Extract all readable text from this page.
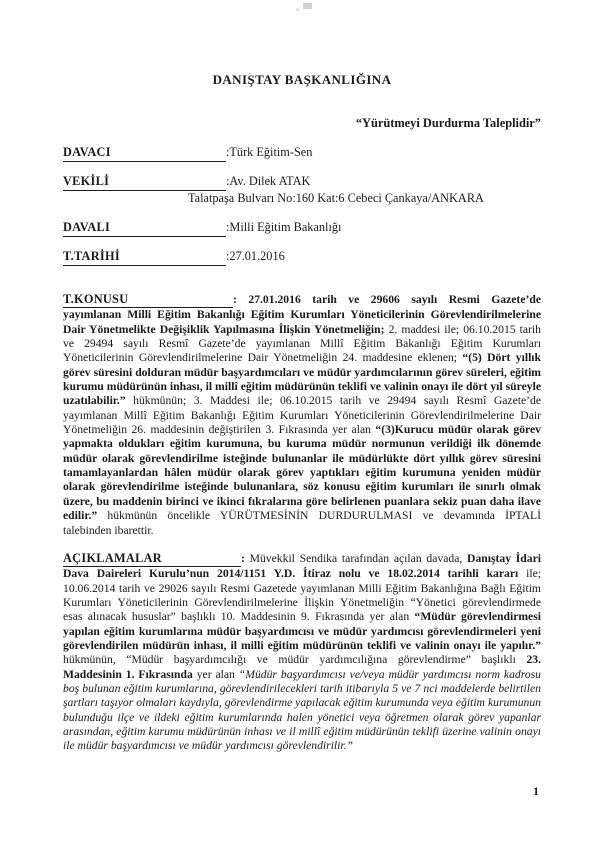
DANIŞTAY BAŞKANLIĞINA
“Yürütmeyi Durdurma Taleplidir”
DAVACI	:Türk Eğitim-Sen
VEKİLİ	:Av. Dilek ATAK
Talatpaşa Bulvarı No:160 Kat:6 Cebeci Çankaya/ANKARA
DAVALI	:Milli Eğitim Bakanlığı
T.TARİHİ	:27.01.2016

T.KONUSU	: 27.01.2016 tarih ve 29606 sayılı Resmi Gazete’de yayımlanan Milli Eğitim Bakanlığı Eğitim Kurumları Yöneticilerinin Görevlendirilmelerine Dair Yönetmelikte Değişiklik Yapılmasına İlişkin Yönetmeliğin; 2. maddesi ile; 06.10.2015 tarih ve 29494 sayılı Resmî Gazete’de yayımlanan Millî Eğitim Bakanlığı Eğitim Kurumları Yöneticilerinin Görevlendirilmelerine Dair Yönetmeliğin 24. maddesine eklenen; “(5) Dört yıllık görev süresini dolduran müdür başyardımcıları ve müdür yardımcılarının görev süreleri, eğitim kurumu müdürünün inhası, il millî eğitim müdürünün teklifi ve valinin onayı ile dört yıl süreyle uzatılabilir.” hükmünün; 3. Maddesi ile; 06.10.2015 tarih ve 29494 sayılı Resmî Gazete’de yayımlanan Millî Eğitim Bakanlığı Eğitim Kurumları Yöneticilerinin Görevlendirilmelerine Dair Yönetmeliğin 26. maddesinin değiştirilen 3. Fıkrasında yer alan “(3)Kurucu müdür olarak görev yapmakta oldukları eğitim kurumuna, bu kuruma müdür normunun verildiği ilk dönemde müdür olarak görevlendirilme isteğinde bulunanlar ile müdürlükte dört yıllık görev süresini tamamlayanlardan hâlen müdür olarak görev yaptıkları eğitim kurumuna yeniden müdür olarak görevlendirilme isteğinde bulunanlara, söz konusu eğitim kurumları ile sınırlı olmak üzere, bu maddenin birinci ve ikinci fıkralarına göre belirlenen puanlara sekiz puan daha ilave edilir.” hükmünün öncelikle YÜRÜTMESİNİN DURDURULMASI ve devamında İPTALİ talebinden ibarettir.

AÇIKLAMALAR	: Müvekkil Sendika tarafından açılan davada, Danıştay İdari Dava Daireleri Kurulu’nun 2014/1151 Y.D. İtiraz nolu ve 18.02.2014 tarihli kararı ile; 10.06.2014 tarih ve 29026 sayılı Resmi Gazetede yayımlanan Milli Eğitim Bakanlığına Bağlı Eğitim Kurumları Yöneticilerinin Görevlendirilmelerine İlişkin Yönetmeliğin “Yönetici görevlendirmede esas alınacak hususlar” başlıklı 10. Maddesinin 9. Fıkrasında yer alan “Müdür görevlendirmesi yapılan eğitim kurumlarına müdür başyardımcısı ve müdür yardımcısı görevlendirmeleri yeni görevlendirilen müdürün inhası, il milli eğitim müdürünün teklifi ve valinin onayı ile yapılır.” hükmünün, “Müdür başyardımcılığı ve müdür yardımcılığına görevlendirme” başlıklı 23. Maddesinin 1. Fıkrasında yer alan “Müdür başyardımcısı ve/veya müdür yardımcısı norm kadrosu boş bulunan eğitim kurumlarına, görevlendirilecekleri tarih itibarıyla 5 ve 7 nci maddelerde belirtilen şartları taşıyor olmaları kaydıyla, görevlendirme yapılacak eğitim kurumunda veya eğitim kurumunun bulunduğu ilçe ve ildeki eğitim kurumlarında halen yönetici veya öğretmen olarak görev yapanlar arasından, eğitim kurumu müdürünün inhası ve il millî eğitim müdürünün teklifi üzerine valinin onayı ile müdür başyardımcısı ve müdür yardımcısı görevlendirilir.”

1
